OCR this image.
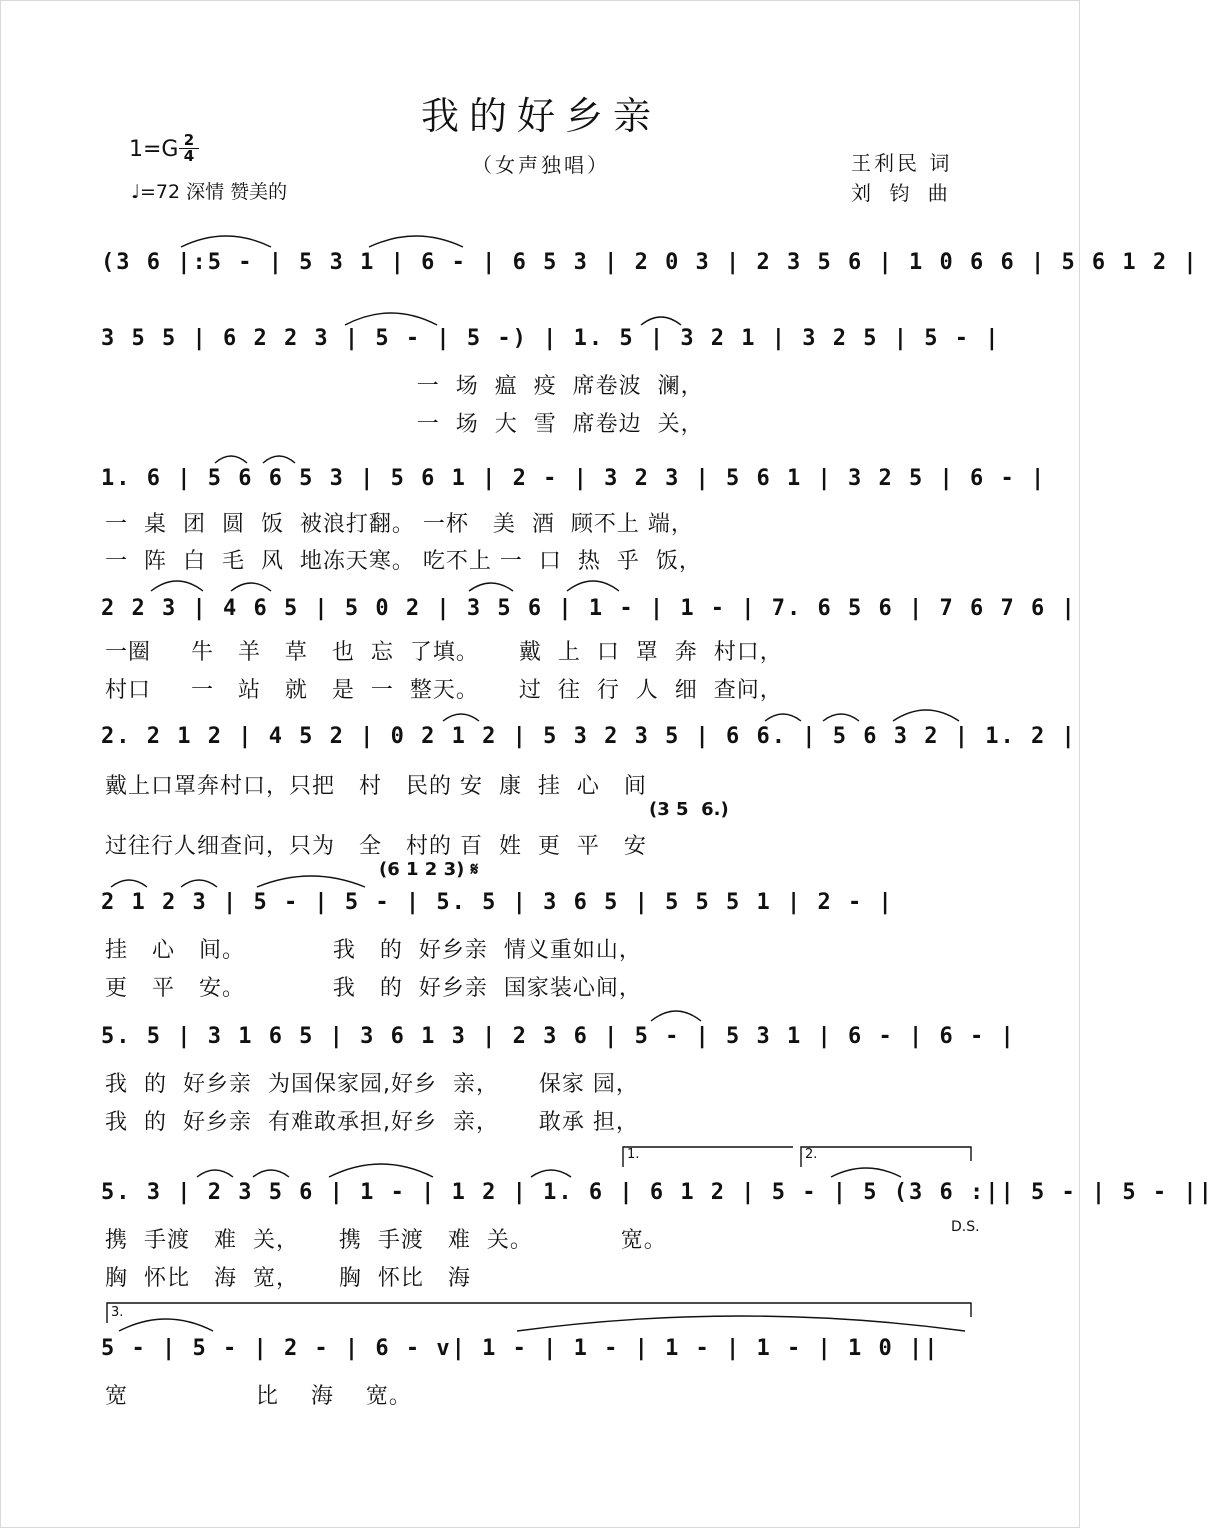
我的好乡亲
（女声独唱）
1=G 2
4
♩=72 深情 赞美的
王利民 词
刘 钧 曲
(3 6 |:5 - | 5 3 1 | 6 - | 6 5 3 | 2 0 3 | 2 3 5 6 | 1 0 6 6 | 5 6 1 2 |
3 5 5 | 6 2 2 3 | 5 - | 5 -) | 1. 5 | 3 2 1 | 3 2 5 | 5 - |
一  场  瘟  疫  席卷波  澜，
一  场  大  雪  席卷边  关，
1. 6 | 5 6 6 5 3 | 5 6 1 | 2 - | 3 2 3 | 5 6 1 | 3 2 5 | 6 - |
一  桌  团  圆  饭  被浪打翻。 一杯   美  酒  顾不上 端，
一  阵  白  毛  风  地冻天寒。 吃不上 一  口  热  乎  饭，
2 2 3 | 4 6 5 | 5 0 2 | 3 5 6 | 1 - | 1 - | 7. 6 5 6 | 7 6 7 6 |
一圈     牛   羊   草   也  忘  了填。     戴  上  口  罩  奔  村口，
村口     一   站   就   是  一  整天。     过  往  行  人  细  查问，
2. 2 1 2 | 4 5 2 | 0 2 1 2 | 5 3 2 3 5 | 6 6. | 5 6 3 2 | 1. 2 |
戴上口罩奔村口，只把   村   民的 安  康  挂  心   间
(3 5  6.)
过往行人细查问，只为   全   村的 百  姓  更  平   安
(6 1 2 3) 𝄋
2 1 2 3 | 5 - | 5 - | 5. 5 | 3 6 5 | 5 5 5 1 | 2 - |
挂   心   间。           我   的  好乡亲  情义重如山，
更   平   安。           我   的  好乡亲  国家装心间，
5. 5 | 3 1 6 5 | 3 6 1 3 | 2 3 6 | 5 - | 5 3 1 | 6 - | 6 - |
我  的  好乡亲  为国保家园,好乡  亲，     保家 园，
我  的  好乡亲  有难敢承担,好乡  亲，     敢承 担，
1.	2.
5. 3 | 2 3 5 6 | 1 - | 1 2 | 1. 6 | 6 1 2 | 5 - | 5 (3 6 :|| 5 - | 5 - ||
D.S.
携  手渡   难  关，     携  手渡   难  关。           宽。
胸  怀比   海  宽，     胸  怀比   海
3.
5 - | 5 - | 2 - | 6 - v| 1 - | 1 - | 1 - | 1 - | 1 0 ||
宽                比    海    宽。
